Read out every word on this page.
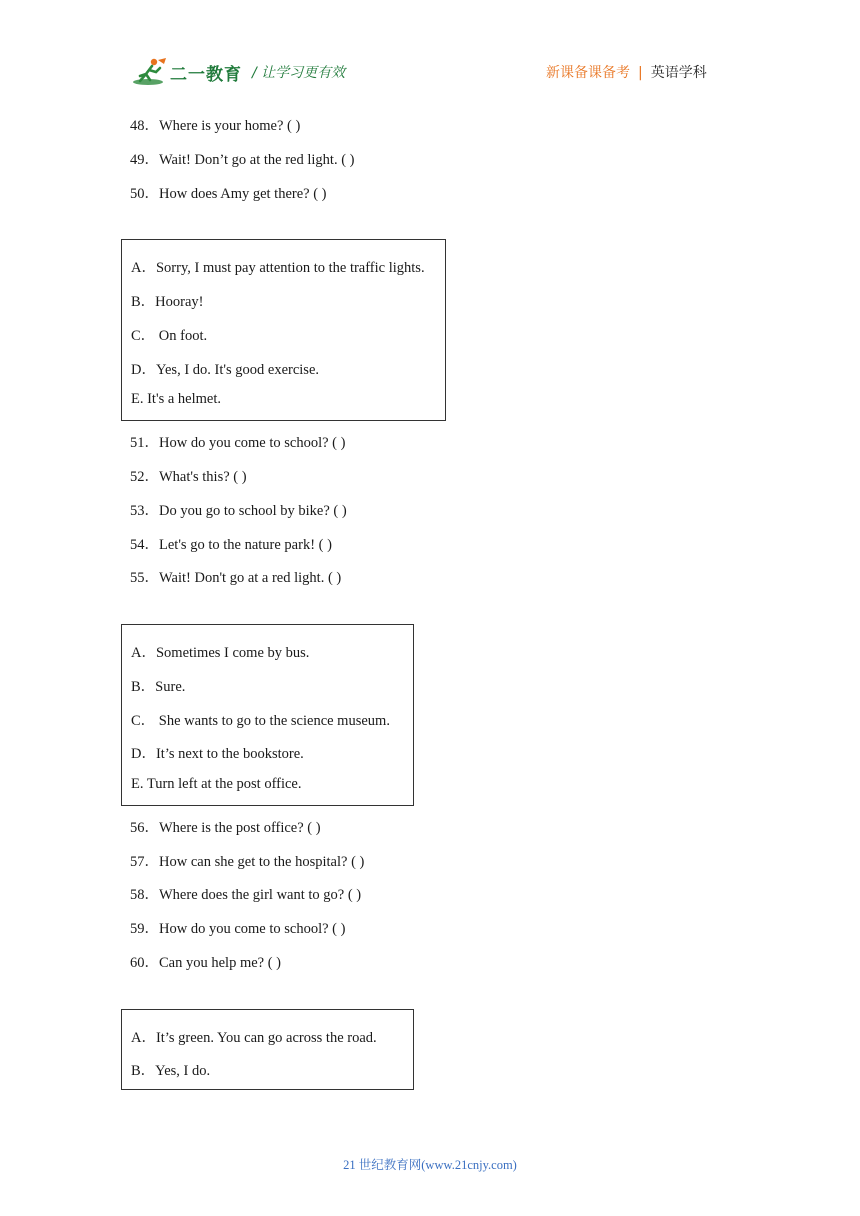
二一教育 / 让学习更有效	新课备课备考 | 英语学科
48．Where is your home? ( )
49．Wait! Don’t go at the red light. ( )
50．How does Amy get there? ( )
A．Sorry, I must pay attention to the traffic lights.
B．Hooray!
C． On foot.
D．Yes, I do. It's good exercise.
E. It's a helmet.
51．How do you come to school? ( )
52．What's this? ( )
53．Do you go to school by bike? ( )
54．Let's go to the nature park! ( )
55．Wait! Don't go at a red light. ( )
A．Sometimes I come by bus.
B．Sure.
C． She wants to go to the science museum.
D．It’s next to the bookstore.
E. Turn left at the post office.
56．Where is the post office? ( )
57．How can she get to the hospital? ( )
58．Where does the girl want to go? ( )
59．How do you come to school? ( )
60．Can you help me? ( )
A．It’s green. You can go across the road.
B．Yes, I do.
21 世纪教育网(www.21cnjy.com)
